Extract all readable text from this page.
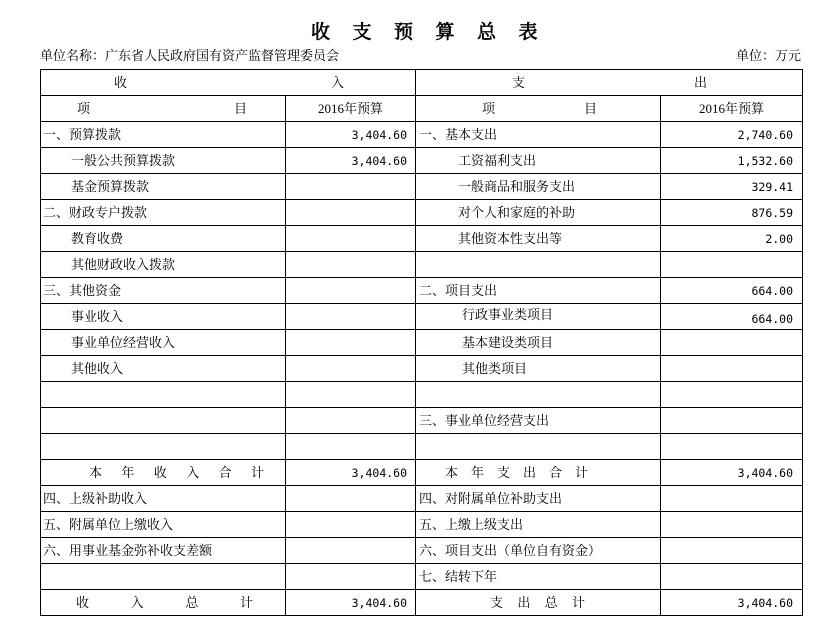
收支预算总表
单位名称：广东省人民政府国有资产监督管理委员会	单位：万元
收入		支出	
项目	2016年预算	项目	2016年预算
一、预算拨款	3,404.60	一、基本支出	2,740.60
一般公共预算拨款	3,404.60	工资福利支出	1,532.60
基金预算拨款		一般商品和服务支出	329.41
二、财政专户拨款		对个人和家庭的补助	876.59
教育收费		其他资本性支出等	2.00
其他财政收入拨款			
三、其他资金		二、项目支出	664.00
事业收入		行政事业类项目	664.00
事业单位经营收入		基本建设类项目	
其他收入		其他类项目	

		三、事业单位经营支出	

本年收入合计	3,404.60	本年支出合计	3,404.60
四、上级补助收入		四、对附属单位补助支出	
五、附属单位上缴收入		五、上缴上级支出	
六、用事业基金弥补收支差额		六、项目支出（单位自有资金）	
		七、结转下年	
收入总计	3,404.60	支出总计	3,404.60
